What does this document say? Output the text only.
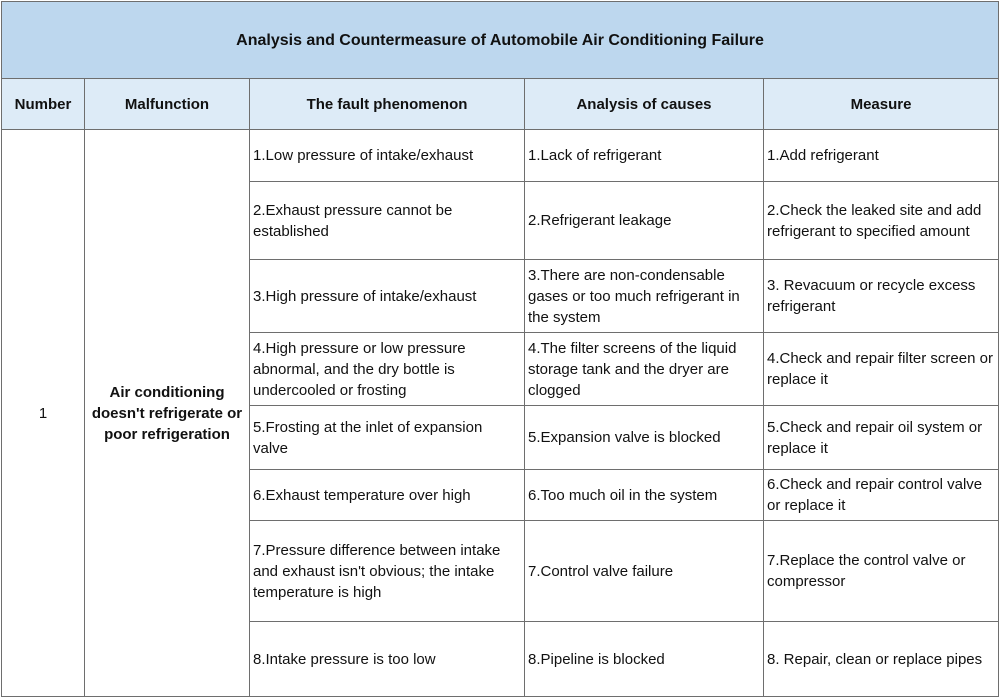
Analysis and Countermeasure of Automobile Air Conditioning Failure				
Number	Malfunction	The fault phenomenon	Analysis of causes	Measure
1	Air conditioning doesn't refrigerate or poor refrigeration	1.Low pressure of intake/exhaust	1.Lack of refrigerant	1.Add refrigerant
		2.Exhaust pressure cannot be established	2.Refrigerant leakage	2.Check the leaked site and add refrigerant to specified amount
		3.High pressure of intake/exhaust	3.There are non-condensable gases or too much refrigerant in the system	3. Revacuum or recycle excess refrigerant
		4.High pressure or low pressure abnormal, and the dry bottle is undercooled or frosting	4.The filter screens of the liquid storage tank and the dryer are clogged	4.Check and repair filter screen or replace it
		5.Frosting at the inlet of expansion valve	5.Expansion valve is blocked	5.Check and repair oil system or replace it
		6.Exhaust temperature over high	6.Too much oil in the system	6.Check and repair control valve or replace it
		7.Pressure difference between intake and exhaust isn't obvious; the intake temperature is high	7.Control valve failure	7.Replace the control valve or compressor
		8.Intake pressure is too low	8.Pipeline is blocked	8. Repair, clean or replace pipes
